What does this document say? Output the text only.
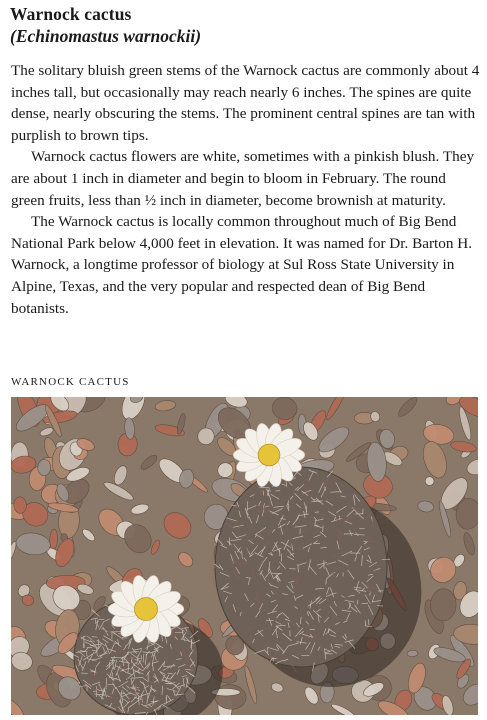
Warnock cactus
(Echinomastus warnockii)

The solitary bluish green stems of the Warnock cactus are commonly about 4 inches tall, but occasionally may reach nearly 6 inches. The spines are quite dense, nearly obscuring the stems. The prominent central spines are tan with purplish to brown tips.

Warnock cactus flowers are white, sometimes with a pinkish blush. They are about 1 inch in diameter and begin to bloom in February. The round green fruits, less than ½ inch in diameter, become brownish at maturity.

The Warnock cactus is locally common throughout much of Big Bend National Park below 4,000 feet in elevation. It was named for Dr. Barton H. Warnock, a longtime professor of biology at Sul Ross State University in Alpine, Texas, and the very popular and respected dean of Big Bend botanists.

WARNOCK CACTUS
